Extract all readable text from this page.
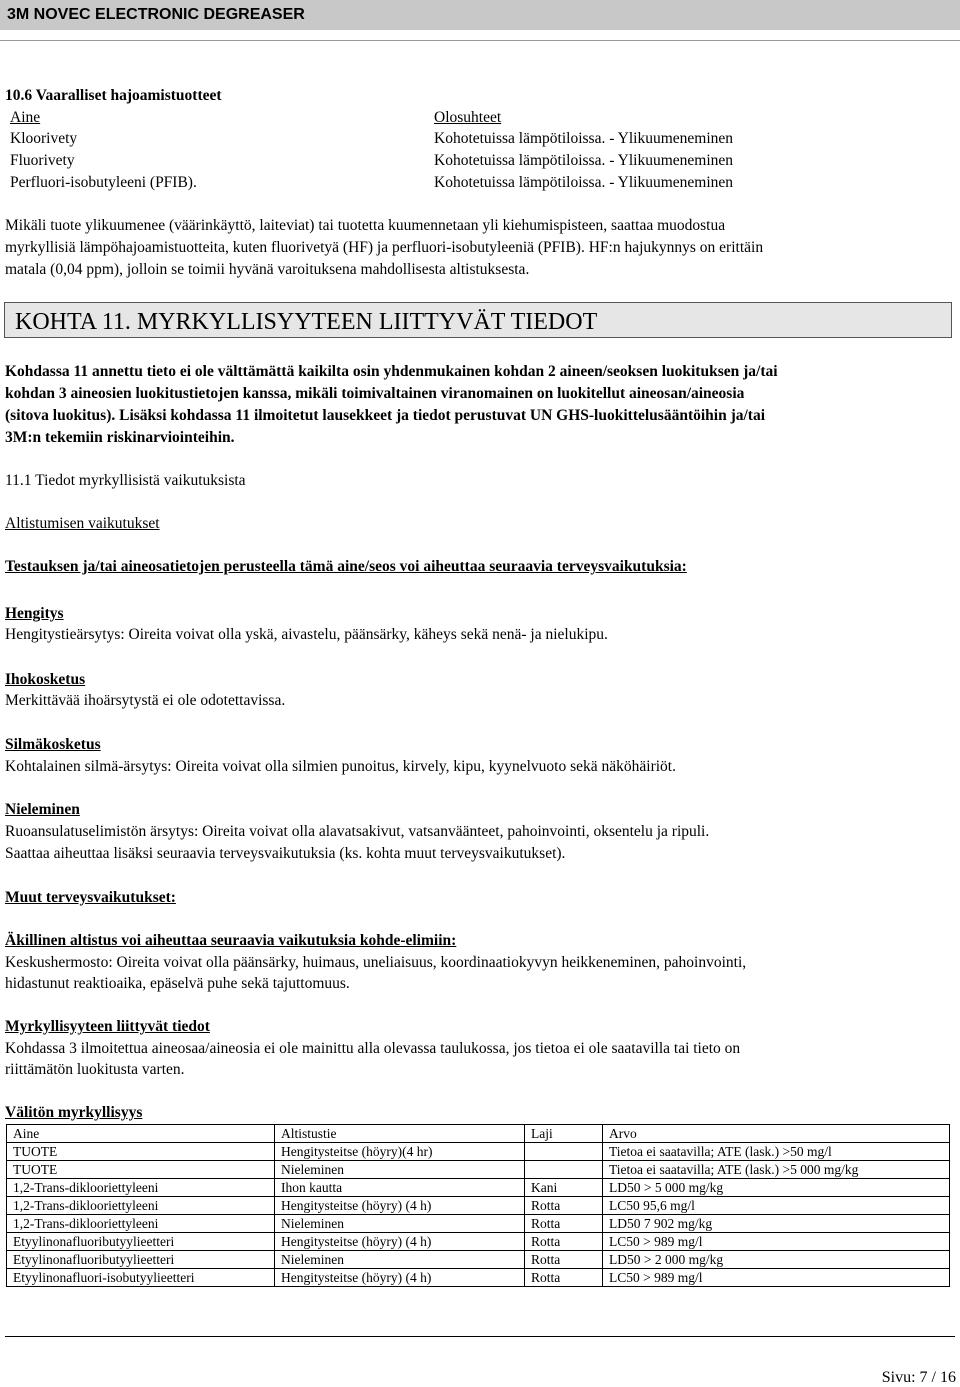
3M NOVEC ELECTRONIC DEGREASER
10.6 Vaaralliset hajoamistuotteet
Aine	Olosuhteet
Kloorivety	Kohotetuissa lämpötiloissa. - Ylikuumeneminen
Fluorivety	Kohotetuissa lämpötiloissa. - Ylikuumeneminen
Perfluori-isobutyleeni (PFIB).	Kohotetuissa lämpötiloissa. - Ylikuumeneminen
Mikäli tuote ylikuumenee (väärinkäyttö, laiteviat) tai tuotetta kuumennetaan yli kiehumispisteen, saattaa muodostua
myrkyllisiä lämpöhajoamistuotteita, kuten fluorivetyä (HF) ja perfluori-isobutyleeniä (PFIB). HF:n hajukynnys on erittäin
matala (0,04 ppm), jolloin se toimii hyvänä varoituksena mahdollisesta altistuksesta.
KOHTA 11. MYRKYLLISYYTEEN LIITTYVÄT TIEDOT
Kohdassa 11 annettu tieto ei ole välttämättä kaikilta osin yhdenmukainen kohdan 2 aineen/seoksen luokituksen ja/tai
kohdan 3 aineosien luokitustietojen kanssa, mikäli toimivaltainen viranomainen on luokitellut aineosan/aineosia
(sitova luokitus). Lisäksi kohdassa 11 ilmoitetut lausekkeet ja tiedot perustuvat UN GHS-luokittelusääntöihin ja/tai
3M:n tekemiin riskinarviointeihin.
11.1 Tiedot myrkyllisistä vaikutuksista
Altistumisen vaikutukset
Testauksen ja/tai aineosatietojen perusteella tämä aine/seos voi aiheuttaa seuraavia terveysvaikutuksia:
Hengitys
Hengitystieärsytys: Oireita voivat olla yskä, aivastelu, päänsärky, käheys sekä nenä- ja nielukipu.
Ihokosketus
Merkittävää ihoärsytystä ei ole odotettavissa.
Silmäkosketus
Kohtalainen silmä-ärsytys: Oireita voivat olla silmien punoitus, kirvely, kipu, kyynelvuoto sekä näköhäiriöt.
Nieleminen
Ruoansulatuselimistön ärsytys: Oireita voivat olla alavatsakivut, vatsanväänteet, pahoinvointi, oksentelu ja ripuli.
Saattaa aiheuttaa lisäksi seuraavia terveysvaikutuksia (ks. kohta muut terveysvaikutukset).
Muut terveysvaikutukset:
Äkillinen altistus voi aiheuttaa seuraavia vaikutuksia kohde-elimiin:
Keskushermosto: Oireita voivat olla päänsärky, huimaus, uneliaisuus, koordinaatiokyvyn heikkeneminen, pahoinvointi,
hidastunut reaktioaika, epäselvä puhe sekä tajuttomuus.
Myrkyllisyyteen liittyvät tiedot
Kohdassa 3 ilmoitettua aineosaa/aineosia ei ole mainittu alla olevassa taulukossa, jos tietoa ei ole saatavilla tai tieto on
riittämätön luokitusta varten.
Välitön myrkyllisyys
Aine	Altistustie	Laji	Arvo
TUOTE	Hengitysteitse (höyry)(4 hr)		Tietoa ei saatavilla; ATE (lask.) >50 mg/l
TUOTE	Nieleminen		Tietoa ei saatavilla; ATE (lask.) >5 000 mg/kg
1,2-Trans-diklooriettyleeni	Ihon kautta	Kani	LD50 > 5 000 mg/kg
1,2-Trans-diklooriettyleeni	Hengitysteitse (höyry) (4 h)	Rotta	LC50 95,6 mg/l
1,2-Trans-diklooriettyleeni	Nieleminen	Rotta	LD50 7 902 mg/kg
Etyylinonafluoributyylieetteri	Hengitysteitse (höyry) (4 h)	Rotta	LC50 > 989 mg/l
Etyylinonafluoributyylieetteri	Nieleminen	Rotta	LD50 > 2 000 mg/kg
Etyylinonafluori-isobutyylieetteri	Hengitysteitse (höyry) (4 h)	Rotta	LC50 > 989 mg/l
Sivu: 7 / 16
